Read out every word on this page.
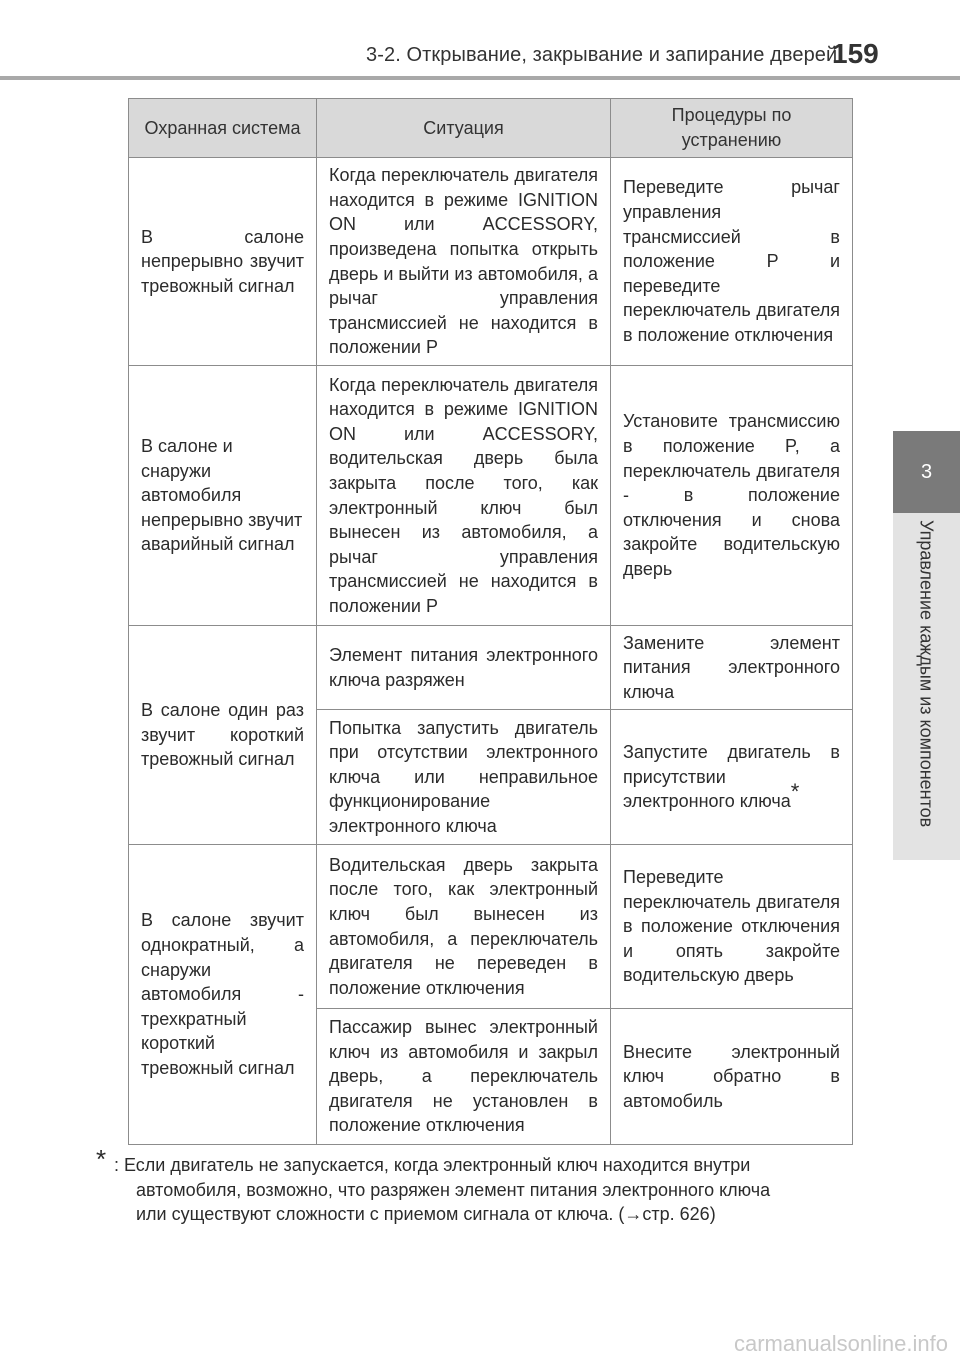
3-2. Открывание, закрывание и запирание дверей
159
3
Управление каждым из компонентов
Охранная система	Ситуация	Процедуры по устранению
В салоне непрерывно звучит тревожный сигнал	Когда переключатель двигателя находится в режиме IGNITION ON или ACCESSORY, произведена попытка открыть дверь и выйти из автомобиля, а рычаг управления трансмиссией не находится в положении P	Переведите рычаг управления трансмиссией в положение P и переведите переключатель двигателя в положение отключения
В салоне и снаружи автомобиля непрерывно звучит аварийный сигнал	Когда переключатель двигателя находится в режиме IGNITION ON или ACCESSORY, водительская дверь была закрыта после того, как электронный ключ был вынесен из автомобиля, а рычаг управления трансмиссией не находится в положении P	Установите трансмиссию в положение P, а переключатель двигателя - в положение отключения и снова закройте водительскую дверь
В салоне один раз звучит короткий тревожный сигнал	Элемент питания электронного ключа разряжен	Замените элемент питания электронного ключа
	Попытка запустить двигатель при отсутствии электронного ключа или неправильное функционирование электронного ключа	Запустите двигатель в присутствии электронного ключа*
В салоне звучит однократный, а снаружи автомобиля - трехкратный короткий тревожный сигнал	Водительская дверь закрыта после того, как электронный ключ был вынесен из автомобиля, а переключатель двигателя не переведен в положение отключения	Переведите переключатель двигателя в положение отключения и опять закройте водительскую дверь
	Пассажир вынес электронный ключ из автомобиля и закрыл дверь, а переключатель двигателя не установлен в положение отключения	Внесите электронный ключ обратно в автомобиль
* : Если двигатель не запускается, когда электронный ключ находится внутри
автомобиля, возможно, что разряжен элемент питания электронного ключа
или существуют сложности с приемом сигнала от ключа. (→стр. 626)
carmanualsonline.info
